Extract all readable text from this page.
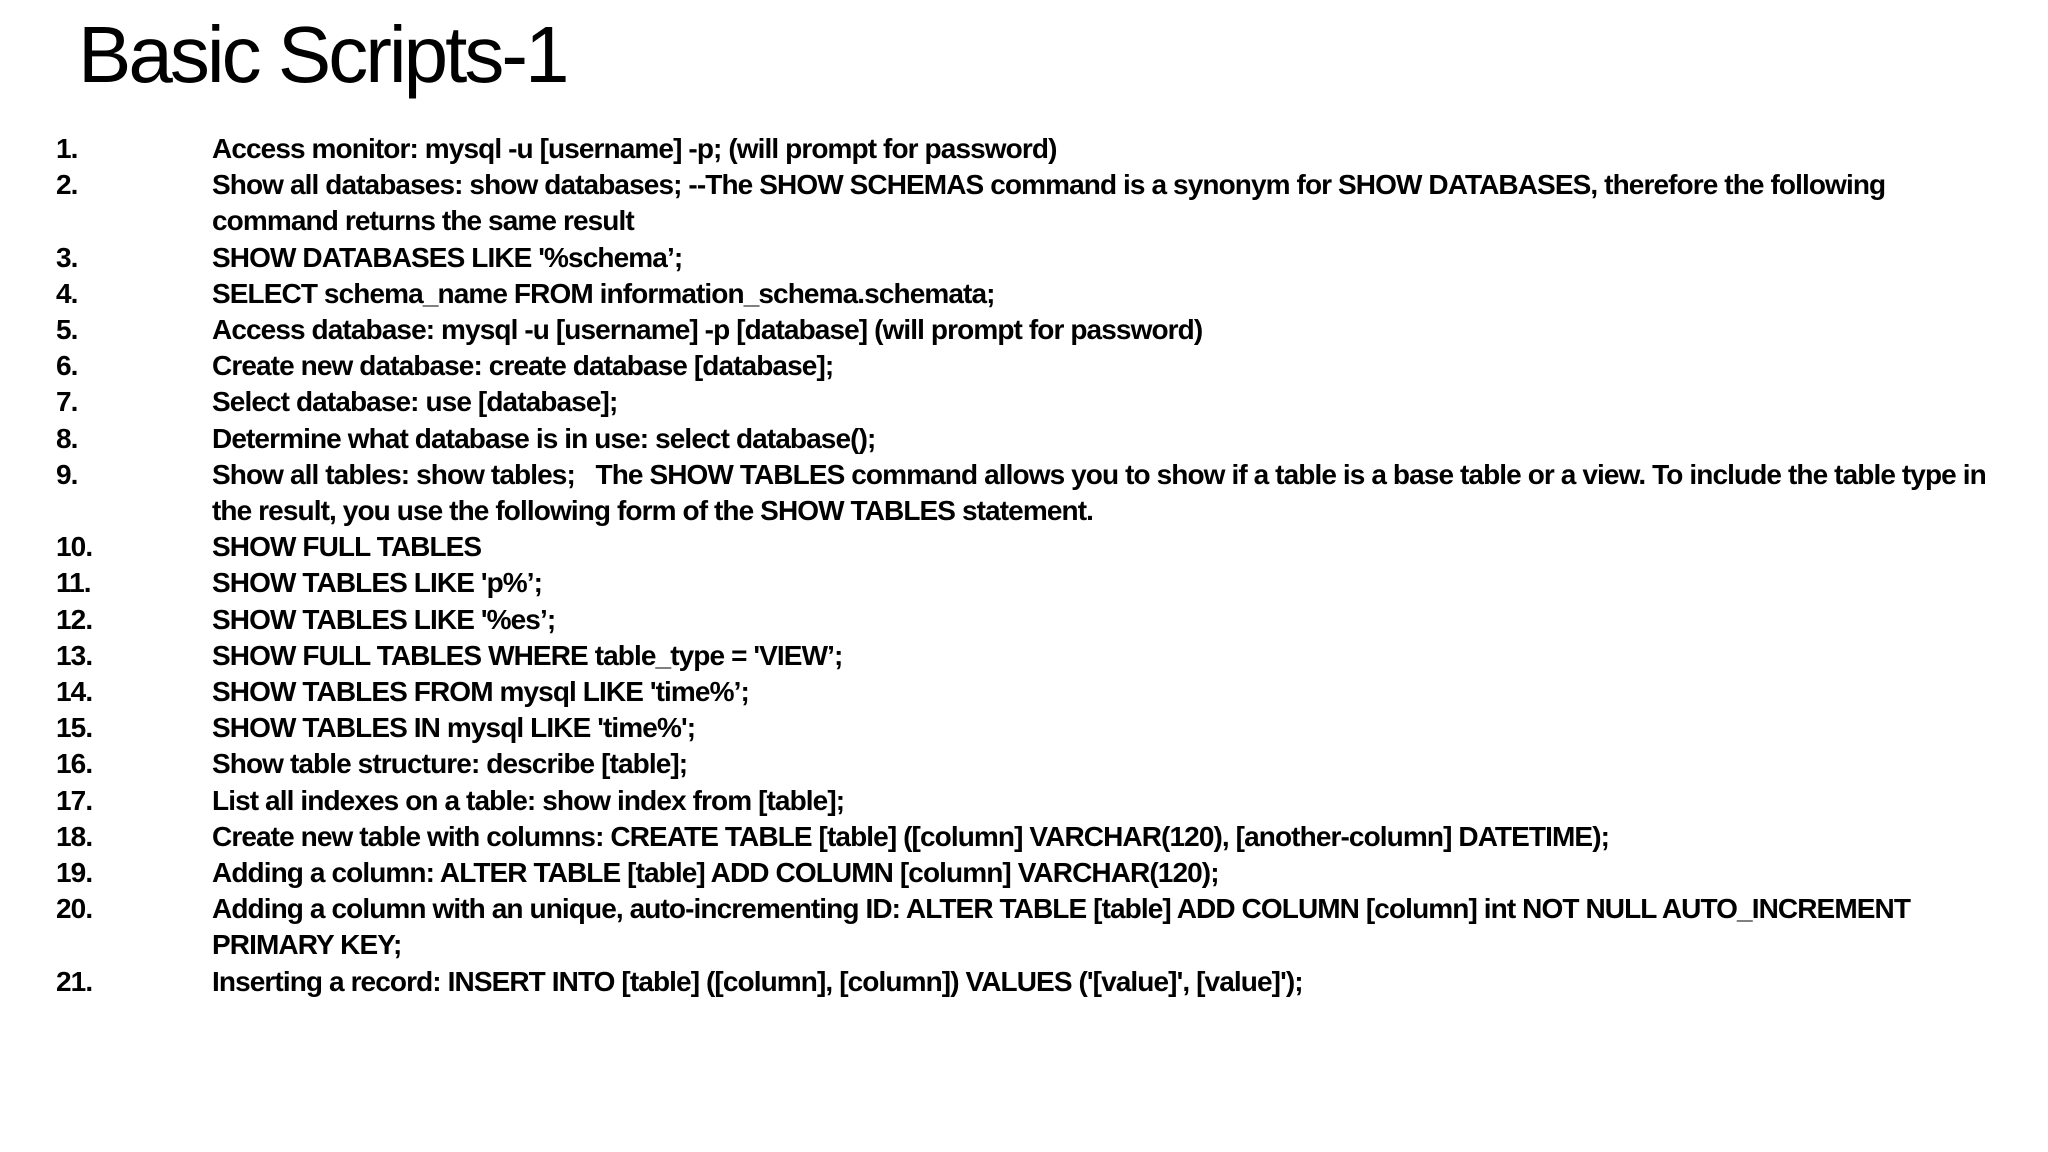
Basic Scripts-1
1.	Access monitor: mysql -u [username] -p; (will prompt for password)
2.	Show all databases: show databases; --The SHOW SCHEMAS command is a synonym for SHOW DATABASES, therefore the following
command returns the same result
3.	SHOW DATABASES LIKE '%schema’;
4.	SELECT schema_name FROM information_schema.schemata;
5.	Access database: mysql -u [username] -p [database] (will prompt for password)
6.	Create new database: create database [database];
7.	Select database: use [database];
8.	Determine what database is in use: select database();
9.	Show all tables: show tables;   The SHOW TABLES command allows you to show if a table is a base table or a view. To include the table type in
the result, you use the following form of the SHOW TABLES statement.
10.	SHOW FULL TABLES
11.	SHOW TABLES LIKE 'p%’;
12.	SHOW TABLES LIKE '%es’;
13.	SHOW FULL TABLES WHERE table_type = 'VIEW’;
14.	SHOW TABLES FROM mysql LIKE 'time%’;
15.	SHOW TABLES IN mysql LIKE 'time%';
16.	Show table structure: describe [table];
17.	List all indexes on a table: show index from [table];
18.	Create new table with columns: CREATE TABLE [table] ([column] VARCHAR(120), [another-column] DATETIME);
19.	Adding a column: ALTER TABLE [table] ADD COLUMN [column] VARCHAR(120);
20.	Adding a column with an unique, auto-incrementing ID: ALTER TABLE [table] ADD COLUMN [column] int NOT NULL AUTO_INCREMENT
PRIMARY KEY;
21.	Inserting a record: INSERT INTO [table] ([column], [column]) VALUES ('[value]', [value]');
